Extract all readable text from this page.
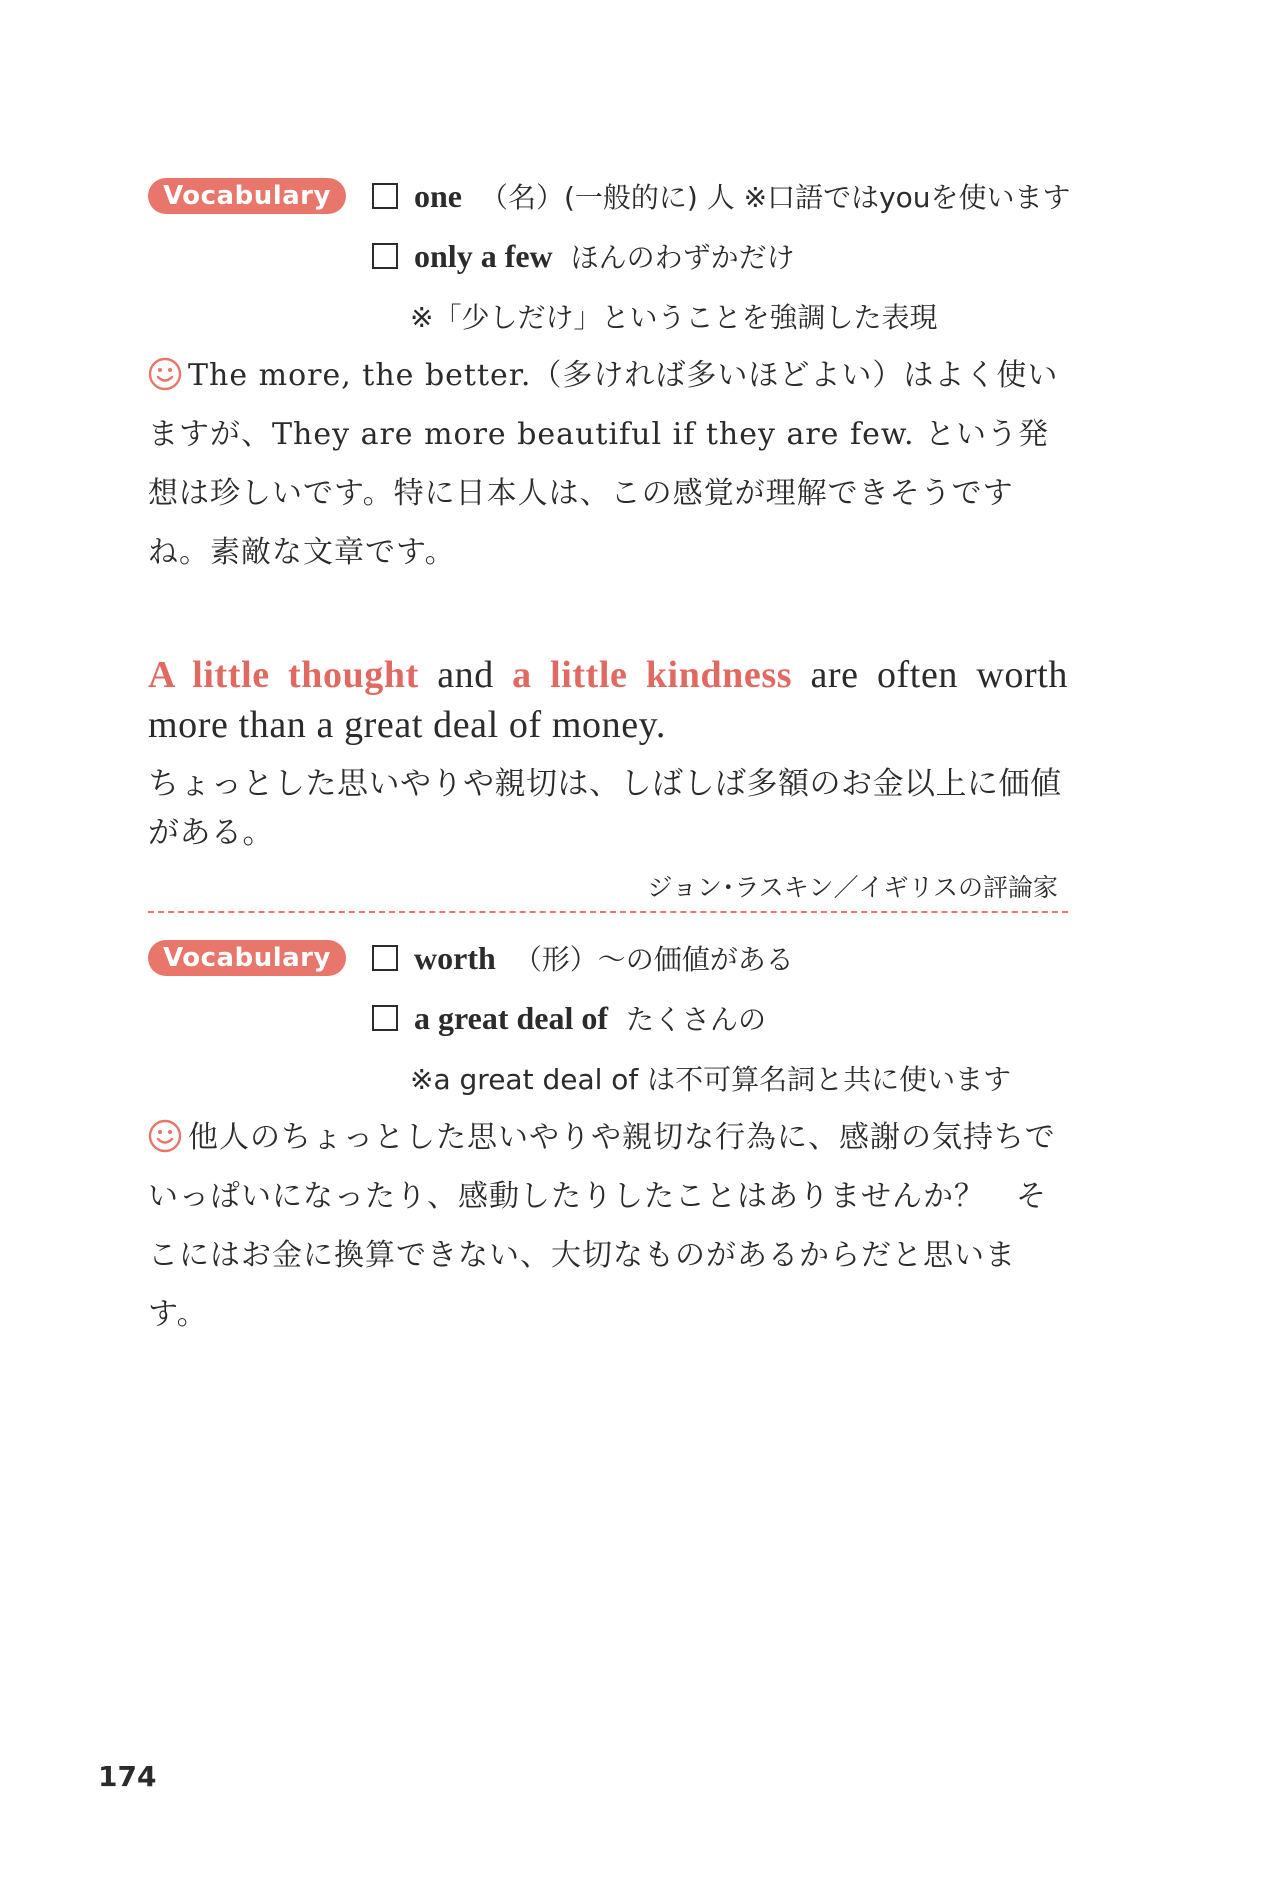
Vocabulary	one （名）(一般的に) 人 ※口語ではyouを使います
only a few ほんのわずかだけ
※「少しだけ」ということを強調した表現
The more, the better.（多ければ多いほどよい）はよく使いますが、They are more beautiful if they are few. という発想は珍しいです。特に日本人は、この感覚が理解できそうですね。素敵な文章です。
A little thought and a little kindness are often worth more than a great deal of money.
ちょっとした思いやりや親切は、しばしば多額のお金以上に価値がある。
ジョン･ラスキン／イギリスの評論家
Vocabulary	worth （形）～の価値がある
a great deal of たくさんの
※a great deal of は不可算名詞と共に使います
他人のちょっとした思いやりや親切な行為に、感謝の気持ちでいっぱいになったり、感動したりしたことはありませんか？　そこにはお金に換算できない、大切なものがあるからだと思います。
174
